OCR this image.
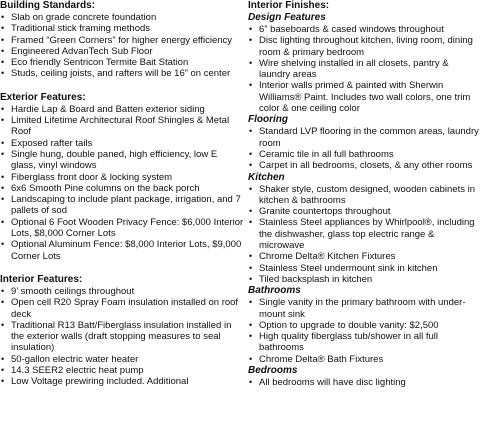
Building Standards:
• Slab on grade concrete foundation
• Traditional stick framing methods
• Framed “Green Corners” for higher energy efficiency
• Engineered AdvanTech Sub Floor
• Eco friendly Sentricon Termite Bait Station
• Studs, ceiling joists, and rafters will be 16” on center
Exterior Features:
• Hardie Lap & Board and Batten exterior siding
• Limited Lifetime Architectural Roof Shingles & Metal Roof
• Exposed rafter tails
• Single hung, double paned, high efficiency, low E glass, vinyl windows
• Fiberglass front door & locking system
• 6x6 Smooth Pine columns on the back porch
• Landscaping to include plant package, irrigation, and 7 pallets of sod
• Optional 6 Foot Wooden Privacy Fence: $6,000 Interior Lots, $8,000 Corner Lots
• Optional Aluminum Fence: $8,000 Interior Lots, $9,000 Corner Lots
Interior Features:
• 9’ smooth ceilings throughout
• Open cell R20 Spray Foam insulation installed on roof deck
• Traditional R13 Batt/Fiberglass insulation installed in the exterior walls (draft stopping measures to seal insulation)
• 50-gallon electric water heater
• 14.3 SEER2 electric heat pump
• Low Voltage prewiring included. Additional
Interior Finishes:
Design Features
• 6” baseboards & cased windows throughout
• Disc lighting throughout kitchen, living room, dining room & primary bedroom
• Wire shelving installed in all closets, pantry & laundry areas
• Interior walls primed & painted with Sherwin Williams® Paint. Includes two wall colors, one trim color & one ceiling color
Flooring
• Standard LVP flooring in the common areas, laundry room
• Ceramic tile in all full bathrooms
• Carpet in all bedrooms, closets, & any other rooms
Kitchen
• Shaker style, custom designed, wooden cabinets in kitchen & bathrooms
• Granite countertops throughout
• Stainless Steel appliances by Whirlpool®, including the dishwasher, glass top electric range & microwave
• Chrome Delta® Kitchen Fixtures
• Stainless Steel undermount sink in kitchen
• Tiled backsplash in kitchen
Bathrooms
• Single vanity in the primary bathroom with under-mount sink
• Option to upgrade to double vanity: $2,500
• High quality fiberglass tub/shower in all full bathrooms
• Chrome Delta® Bath Fixtures
Bedrooms
• All bedrooms will have disc lighting
